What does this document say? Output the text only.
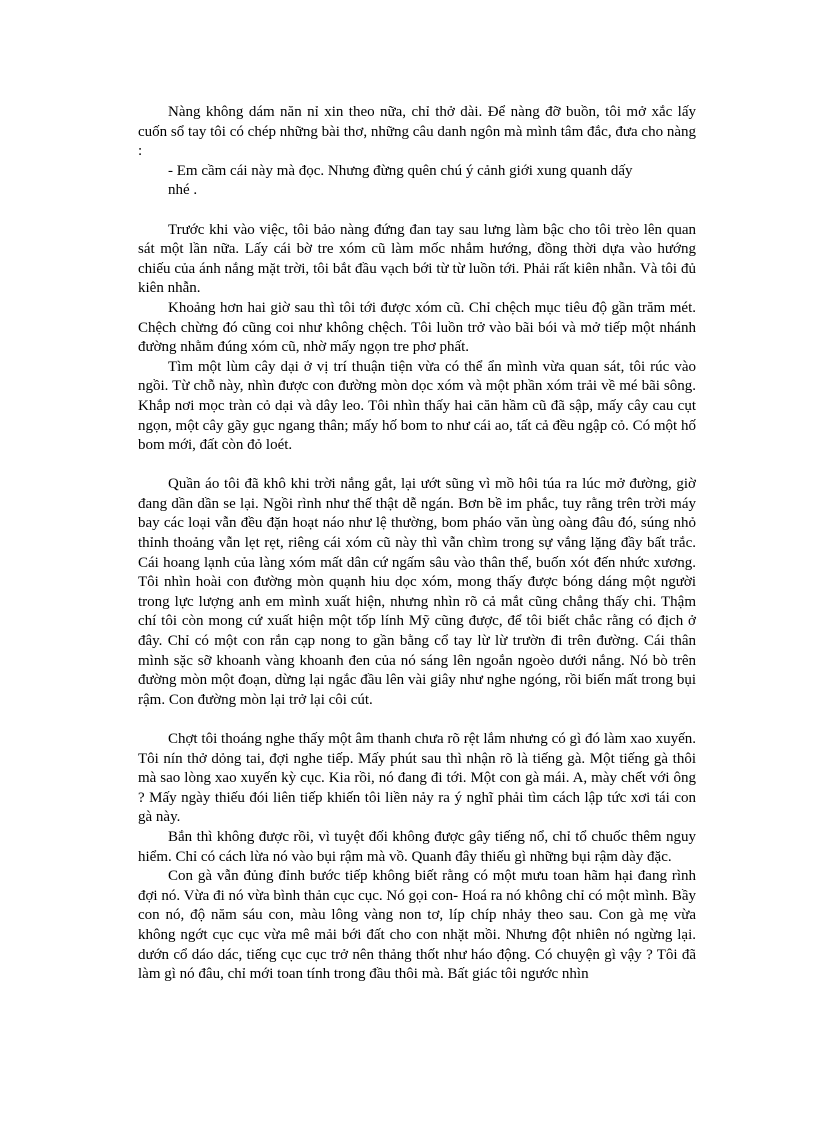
Nàng không dám năn nỉ xin theo nữa, chỉ thở dài. Để nàng đỡ buồn, tôi mở xắc lấy cuốn sổ tay tôi có chép những bài thơ, những câu danh ngôn mà mình tâm đắc, đưa cho nàng :

- Em cầm cái này mà đọc. Nhưng đừng quên chú ý cảnh giới xung quanh dấy nhé .

Trước khi vào việc, tôi bảo nàng đứng đan tay sau lưng làm bậc cho tôi trèo lên quan sát một lần nữa. Lấy cái bờ tre xóm cũ làm mốc nhắm hướng, đồng thời dựa vào hướng chiếu của ánh nắng mặt trời, tôi bắt đầu vạch bới từ từ luồn tới. Phải rất kiên nhẫn. Và tôi đủ kiên nhẫn.

Khoảng hơn hai giờ sau thì tôi tới được xóm cũ. Chỉ chệch mục tiêu độ gần trăm mét. Chệch chừng đó cũng coi như không chệch. Tôi luồn trở vào bãi bói và mở tiếp một nhánh đường nhằm đúng xóm cũ, nhờ mấy ngọn tre phơ phất.

Tìm một lùm cây dại ở vị trí thuận tiện vừa có thể ẩn mình vừa quan sát, tôi rúc vào ngồi. Từ chỗ này, nhìn được con đường mòn dọc xóm và một phần xóm trải về mé bãi sông. Khắp nơi mọc tràn cỏ dại và dây leo. Tôi nhìn thấy hai căn hầm cũ đã sập, mấy cây cau cụt ngọn, một cây gãy gục ngang thân; mấy hố bom to như cái ao, tất cả đều ngập cỏ. Có một hố bom mới, đất còn đỏ loét.

Quần áo tôi đã khô khi trời nắng gắt, lại ướt sũng vì mồ hôi túa ra lúc mở đường, giờ đang dần dần se lại. Ngồi rình như thế thật dễ ngán. Bơn bề im phắc, tuy rằng trên trời máy bay các loại vẫn đều đặn hoạt náo như lệ thường, bom pháo văn ùng oàng đâu đó, súng nhỏ thỉnh thoảng vẫn lẹt rẹt, riêng cái xóm cũ này thì vẫn chìm trong sự vắng lặng đầy bất trắc. Cái hoang lạnh của làng xóm mất dân cứ ngấm sâu vào thân thể, buốn xót đến nhức xương. Tôi nhìn hoài con đường mòn quạnh hiu dọc xóm, mong thấy được bóng dáng một người trong lực lượng anh em mình xuất hiện, nhưng nhìn rõ cả mắt cũng chẳng thấy chi. Thậm chí tôi còn mong cứ xuất hiện một tốp lính Mỹ cũng được, để tôi biết chắc rằng có địch ở đây. Chỉ có một con rắn cạp nong to gần bằng cổ tay lừ lừ trườn đi trên đường. Cái thân mình sặc sỡ khoanh vàng khoanh đen của nó sáng lên ngoắn ngoèo dưới nắng. Nó bò trên đường mòn một đoạn, dừng lại ngắc đầu lên vài giây như nghe ngóng, rồi biến mất trong bụi rậm. Con đường mòn lại trở lại côi cút.

Chợt tôi thoáng nghe thấy một âm thanh chưa rõ rệt lắm nhưng có gì đó làm xao xuyến. Tôi nín thở dỏng tai, đợi nghe tiếp. Mấy phút sau thì nhận rõ là tiếng gà. Một tiếng gà thôi mà sao lòng xao xuyến kỳ cục. Kia rồi, nó đang đi tới. Một con gà mái. A, mày chết với ông ? Mấy ngày thiếu đói liên tiếp khiến tôi liền nảy ra ý nghĩ phải tìm cách lập tức xơi tái con gà này.

Bắn thì không được rồi, vì tuyệt đối không được gây tiếng nổ, chỉ tổ chuốc thêm nguy hiểm. Chỉ có cách lừa nó vào bụi rậm mà vồ. Quanh đây thiếu gì những bụi rậm dày đặc.

Con gà vẫn đủng đỉnh bước tiếp không biết rằng có một mưu toan hãm hại đang rình đợi nó. Vừa đi nó vừa bình thản cục cục. Nó gọi con- Hoá ra nó không chỉ có một mình. Bầy con nó, độ năm sáu con, màu lông vàng non tơ, líp chíp nhảy theo sau. Con gà mẹ vừa không ngớt cục cục vừa mê mải bới đất cho con nhặt mồi. Nhưng đột nhiên nó ngừng lại. dướn cổ dáo dác, tiếng cục cục trở nên thảng thốt như háo động. Có chuyện gì vậy ? Tôi đã làm gì nó đâu, chỉ mới toan tính trong đầu thôi mà. Bất giác tôi ngước nhìn
